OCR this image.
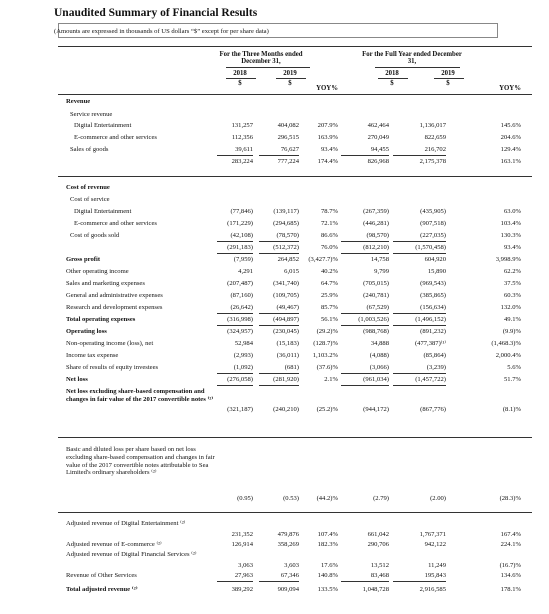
Unaudited Summary of Financial Results
(Amounts are expressed in thousands of US dollars “$” except for per share data)
For the Three Months ended December 31,
For the Full Year ended December 31,
2018	2019	2018	2019
$	$
YOY%
$	$
YOY%
Revenue
Service revenue
Digital Entertainment	131,257	404,082	207.9%	462,464	1,136,017	145.6%
E-commerce and other services	112,356	296,515	163.9%	270,049	822,659	204.6%
Sales of goods	39,611	76,627	93.4%	94,455	216,702	129.4%
283,224	777,224	174.4%	826,968	2,175,378	163.1%
Cost of revenue
Cost of service
Digital Entertainment	(77,846)	(139,117)	78.7%	(267,359)	(435,905)	63.0%
E-commerce and other services	(171,229)	(294,685)	72.1%	(446,281)	(907,518)	103.4%
Cost of goods sold	(42,108)	(78,570)	86.6%	(98,570)	(227,035)	130.3%
(291,183)	(512,372)	76.0%	(812,210)	(1,570,458)	93.4%
Gross profit	(7,959)	264,852 (3,427.7)%	14,758	604,920	3,998.9%
Other operating income	4,291	6,015	40.2%	9,799	15,890	62.2%
Sales and marketing expenses	(207,487)	(341,740)	64.7%	(705,015)	(969,543)	37.5%
General and administrative expenses	(87,160)	(109,705)	25.9%	(240,781)	(385,865)	60.3%
Research and development expenses	(26,642)	(49,467)	85.7%	(67,529)	(156,634)	132.0%
Total operating expenses	(316,998)	(494,897)	56.1%	(1,003,526)	(1,496,152)	49.1%
Operating loss	(324,957)	(230,045)	(29.2)%	(988,768)	(891,232)	(9.9)%
Non-operating income (loss), net	52,984	(15,183) (128.7)%	34,888	(477,387)⁽¹⁾	(1,468.3)%
Income tax expense	(2,993)	(36,011) 1,103.2%	(4,088)	(85,864)	2,000.4%
Share of results of equity investees	(1,092)	(681)	(37.6)%	(3,066)	(3,239)	5.6%
Net loss	(276,058)	(281,920)	2.1%	(961,034)	(1,457,722)	51.7%
Net loss excluding share-based compensation and changes in fair value of the 2017 convertible notes ⁽²⁾
(321,187)	(240,210)	(25.2)%	(944,172)	(867,776)	(8.1)%
Basic and diluted loss per share based on net loss excluding share-based compensation and changes in fair value of the 2017 convertible notes attributable to Sea Limited's ordinary shareholders ⁽²⁾
(0.95)	(0.53)	(44.2)%	(2.79)	(2.00)	(28.3)%
Adjusted revenue of Digital Entertainment ⁽²⁾
231,352	479,876	107.4%	661,042	1,767,371	167.4%
Adjusted revenue of E-commerce ⁽²⁾	126,914	358,269	182.3%	290,706	942,122	224.1%
Adjusted revenue of Digital Financial Services ⁽²⁾
3,063	3,603	17.6%	13,512	11,249	(16.7)%
Revenue of Other Services	27,963	67,346	140.8%	83,468	195,843	134.6%
Total adjusted revenue ⁽²⁾	389,292	909,094	133.5%	1,048,728	2,916,585	178.1%
